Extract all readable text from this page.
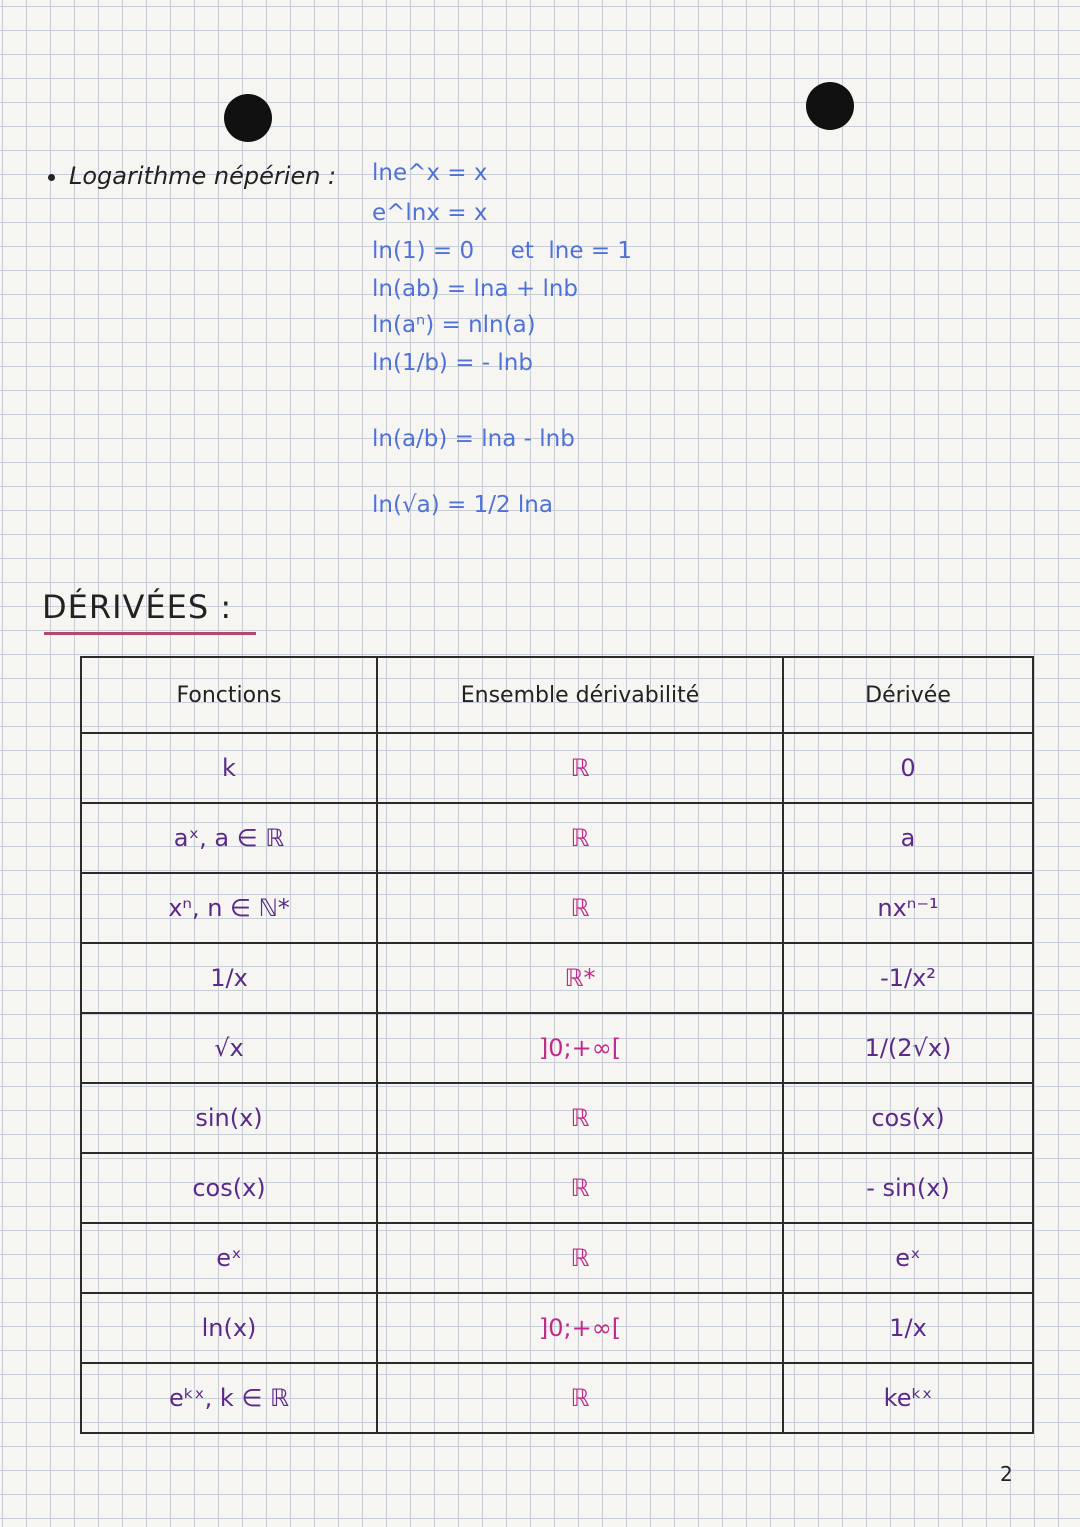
Logarithme népérien : lne^x = x
e^lnx = x
ln(1) = 0     et  lne = 1
ln(ab) = lna + lnb
ln(aⁿ) = nln(a)
ln(1/b) = - lnb
ln(a/b) = lna - lnb
ln(√a) = 1/2 lna
DÉRIVÉES :
Fonctions	Ensemble dérivabilité	Dérivée
k	ℝ	0
aˣ, a ∈ ℝ	ℝ	a
xⁿ, n ∈ ℕ*	ℝ	nxⁿ⁻¹
1/x	ℝ*	-1/x²
√x	]0;+∞[	1/(2√x)
sin(x)	ℝ	cos(x)
cos(x)	ℝ	- sin(x)
eˣ	ℝ	eˣ
ln(x)	]0;+∞[	1/x
eᵏˣ, k ∈ ℝ	ℝ	keᵏˣ
2
